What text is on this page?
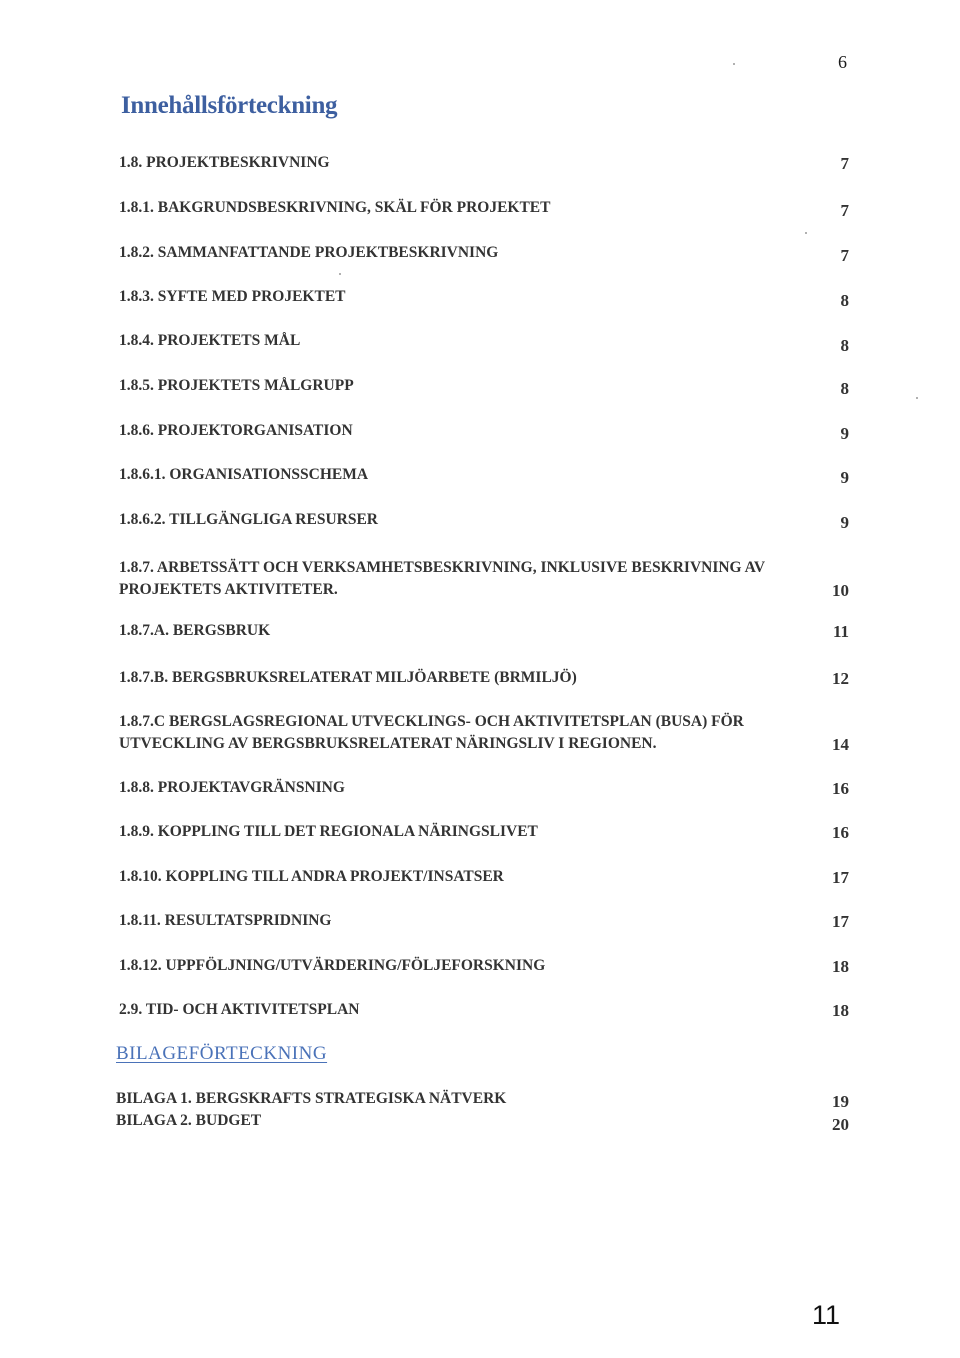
6
Innehållsförteckning
1.8. PROJEKTBESKRIVNING	7
1.8.1. BAKGRUNDSBESKRIVNING, SKÄL FÖR PROJEKTET	7
1.8.2. SAMMANFATTANDE PROJEKTBESKRIVNING	7
1.8.3. SYFTE MED PROJEKTET	8
1.8.4. PROJEKTETS MÅL	8
1.8.5. PROJEKTETS MÅLGRUPP	8
1.8.6. PROJEKTORGANISATION	9
1.8.6.1. ORGANISATIONSSCHEMA	9
1.8.6.2. TILLGÄNGLIGA RESURSER	9
1.8.7. ARBETSSÄTT OCH VERKSAMHETSBESKRIVNING, INKLUSIVE BESKRIVNING AV PROJEKTETS AKTIVITETER.	10
1.8.7.A. BERGSBRUK	11
1.8.7.B. BERGSBRUKSRELATERAT MILJÖARBETE (BRMILJÖ)	12
1.8.7.C BERGSLAGSREGIONAL UTVECKLINGS- OCH AKTIVITETSPLAN (BUSA) FÖR UTVECKLING AV BERGSBRUKSRELATERAT NÄRINGSLIV I REGIONEN.	14
1.8.8. PROJEKTAVGRÄNSNING	16
1.8.9. KOPPLING TILL DET REGIONALA NÄRINGSLIVET	16
1.8.10. KOPPLING TILL ANDRA PROJEKT/INSATSER	17
1.8.11. RESULTATSPRIDNING	17
1.8.12. UPPFÖLJNING/UTVÄRDERING/FÖLJEFORSKNING	18
2.9. TID- OCH AKTIVITETSPLAN	18
BILAGEFÖRTECKNING
BILAGA 1. BERGSKRAFTS STRATEGISKA NÄTVERK	19
BILAGA 2. BUDGET	20
11
